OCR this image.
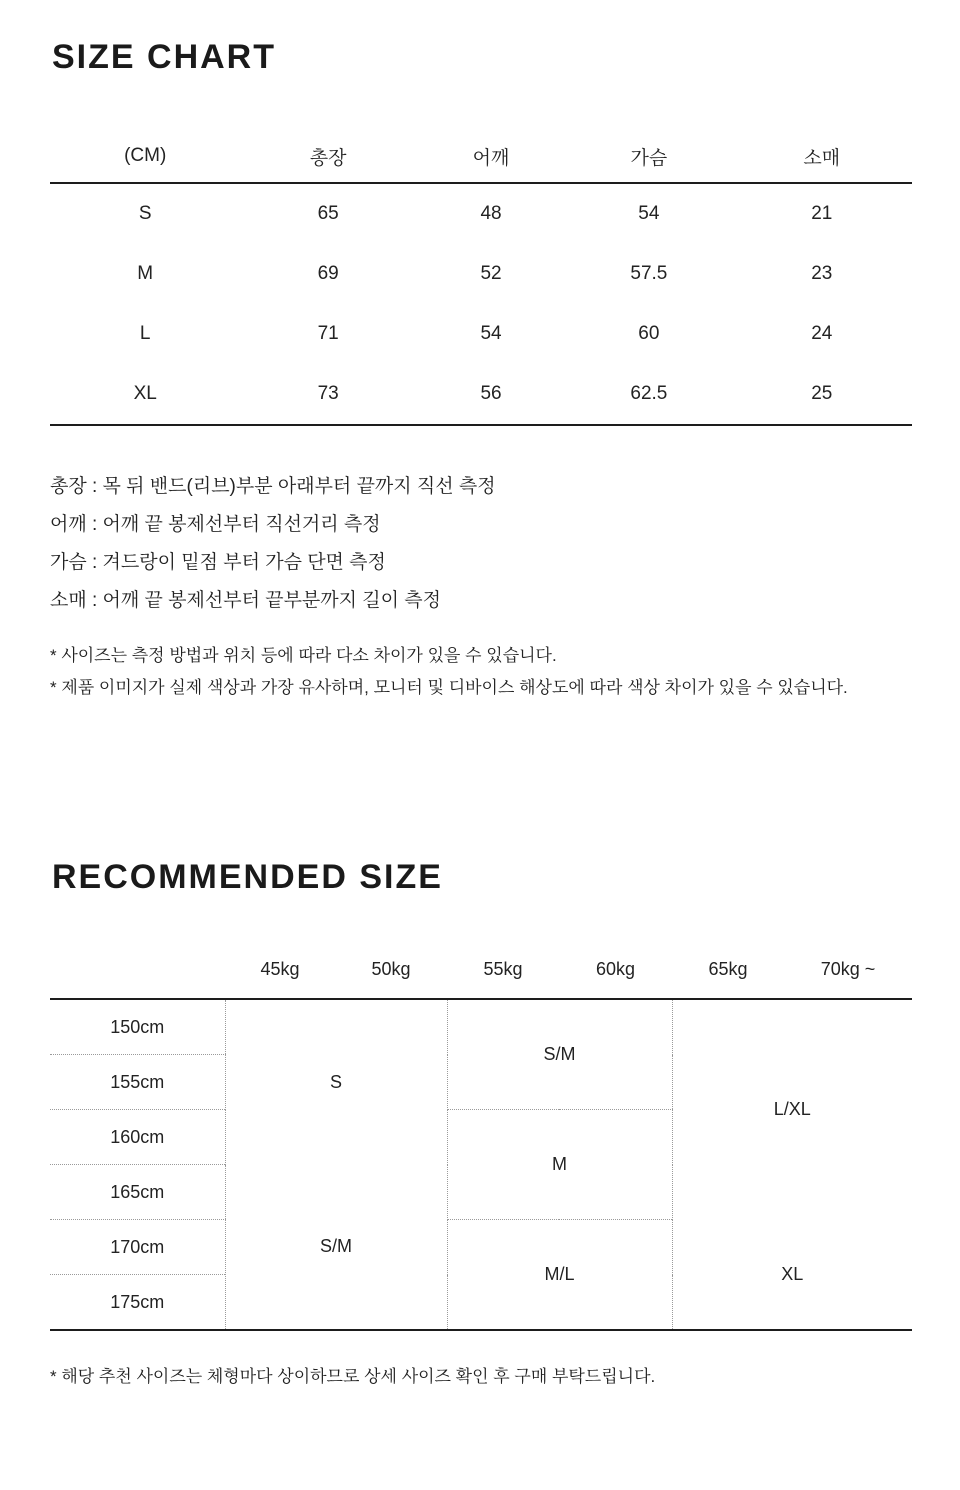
SIZE CHART
(CM)	총장	어깨	가슴	소매
S	65	48	54	21
M	69	52	57.5	23
L	71	54	60	24
XL	73	56	62.5	25
총장 : 목 뒤 밴드(리브)부분 아래부터 끝까지 직선 측정
어깨 : 어깨 끝 봉제선부터 직선거리 측정
가슴 : 겨드랑이 밑점 부터 가슴 단면 측정
소매 : 어깨 끝 봉제선부터 끝부분까지 길이 측정
* 사이즈는 측정 방법과 위치 등에 따라 다소 차이가 있을 수 있습니다.
* 제품 이미지가 실제 색상과 가장 유사하며, 모니터 및 디바이스 해상도에 따라 색상 차이가 있을 수 있습니다.
RECOMMENDED SIZE
	45kg	50kg	55kg	60kg	65kg	70kg ~
150cm	S		S/M		L/XL	
155cm						
160cm			M			
165cm	S/M					
170cm			M/L		XL	
175cm						
* 해당 추천 사이즈는 체형마다 상이하므로 상세 사이즈 확인 후 구매 부탁드립니다.
